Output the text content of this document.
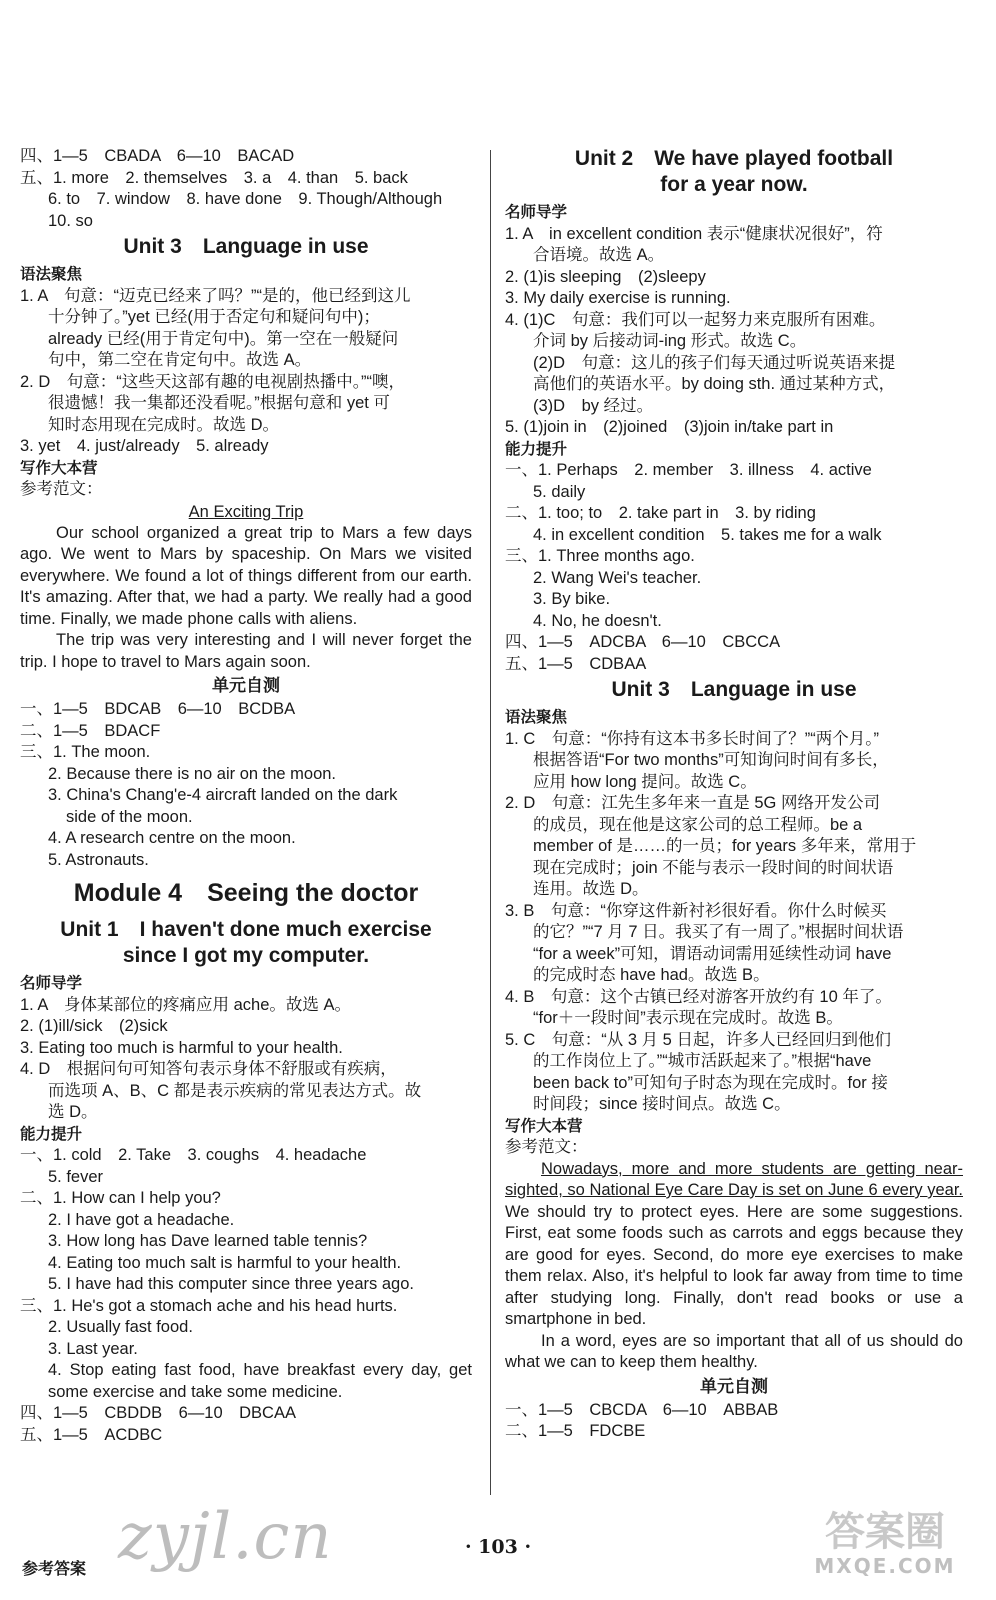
四、1—5　CBADA　6—10　BACAD
五、1. more　2. themselves　3. a　4. than　5. back
6. to　7. window　8. have done　9. Though/Although
10. so
Unit 3　Language in use
语法聚焦
1. A　句意：“迈克已经来了吗？”“是的，他已经到这儿
十分钟了。”yet 已经(用于否定句和疑问句中)；
already 已经(用于肯定句中)。第一空在一般疑问
句中，第二空在肯定句中。故选 A。
2. D　句意：“这些天这部有趣的电视剧热播中。”“噢，
很遗憾！我一集都还没看呢。”根据句意和 yet 可
知时态用现在完成时。故选 D。
3. yet　4. just/already　5. already
写作大本营
参考范文：
An Exciting Trip
Our school organized a great trip to Mars a few days ago. We went to Mars by spaceship. On Mars we visited everywhere. We found a lot of things different from our earth. It's amazing. After that, we had a party. We really had a good time. Finally, we made phone calls with aliens.
The trip was very interesting and I will never forget the trip. I hope to travel to Mars again soon.
单元自测
一、1—5　BDCAB　6—10　BCDBA
二、1—5　BDACF
三、1. The moon.
2. Because there is no air on the moon.
3. China's Chang'e-4 aircraft landed on the dark
side of the moon.
4. A research centre on the moon.
5. Astronauts.
Module 4　Seeing the doctor
Unit 1　I haven't done much exercise
since I got my computer.
名师导学
1. A　身体某部位的疼痛应用 ache。故选 A。
2. (1)ill/sick　(2)sick
3. Eating too much is harmful to your health.
4. D　根据问句可知答句表示身体不舒服或有疾病，
而选项 A、B、C 都是表示疾病的常见表达方式。故
选 D。
能力提升
一、1. cold　2. Take　3. coughs　4. headache
5. fever
二、1. How can I help you?
2. I have got a headache.
3. How long has Dave learned table tennis?
4. Eating too much salt is harmful to your health.
5. I have had this computer since three years ago.
三、1. He's got a stomach ache and his head hurts.
2. Usually fast food.
3. Last year.
4. Stop eating fast food, have breakfast every day, get some exercise and take some medicine.
四、1—5　CBDDB　6—10　DBCAA
五、1—5　ACDBC
Unit 2　We have played football
for a year now.
名师导学
1. A　in excellent condition 表示“健康状况很好”，符
合语境。故选 A。
2. (1)is sleeping　(2)sleepy
3. My daily exercise is running.
4. (1)C　句意：我们可以一起努力来克服所有困难。
介词 by 后接动词-ing 形式。故选 C。
(2)D　句意：这儿的孩子们每天通过听说英语来提
高他们的英语水平。by doing sth. 通过某种方式，
(3)D　by 经过。
5. (1)join in　(2)joined　(3)join in/take part in
能力提升
一、1. Perhaps　2. member　3. illness　4. active
5. daily
二、1. too; to　2. take part in　3. by riding
4. in excellent condition　5. takes me for a walk
三、1. Three months ago.
2. Wang Wei's teacher.
3. By bike.
4. No, he doesn't.
四、1—5　ADCBA　6—10　CBCCA
五、1—5　CDBAA
Unit 3　Language in use
语法聚焦
1. C　句意：“你持有这本书多长时间了？”“两个月。”
根据答语“For two months”可知询问时间有多长，
应用 how long 提问。故选 C。
2. D　句意：江先生多年来一直是 5G 网络开发公司
的成员，现在他是这家公司的总工程师。be a
member of 是……的一员；for years 多年来，常用于
现在完成时；join 不能与表示一段时间的时间状语
连用。故选 D。
3. B　句意：“你穿这件新衬衫很好看。你什么时候买
的它？”“7 月 7 日。我买了有一周了。”根据时间状语
“for a week”可知，谓语动词需用延续性动词 have
的完成时态 have had。故选 B。
4. B　句意：这个古镇已经对游客开放约有 10 年了。
“for＋一段时间”表示现在完成时。故选 B。
5. C　句意：“从 3 月 5 日起，许多人已经回归到他们
的工作岗位上了。”“城市活跃起来了。”根据“have
been back to”可知句子时态为现在完成时。for 接
时间段；since 接时间点。故选 C。
写作大本营
参考范文：
Nowadays, more and more students are getting near-sighted, so National Eye Care Day is set on June 6 every year. We should try to protect eyes. Here are some suggestions. First, eat some foods such as carrots and eggs because they are good for eyes. Second, do more eye exercises to make them relax. Also, it's helpful to look far away from time to time after studying long. Finally, don't read books or use a smartphone in bed.
In a word, eyes are so important that all of us should do what we can to keep them healthy.
单元自测
一、1—5　CBCDA　6—10　ABBAB
二、1—5　FDCBE
zyjl.cn	答案圈
MXQE.COM
· 103 ·
参考答案
